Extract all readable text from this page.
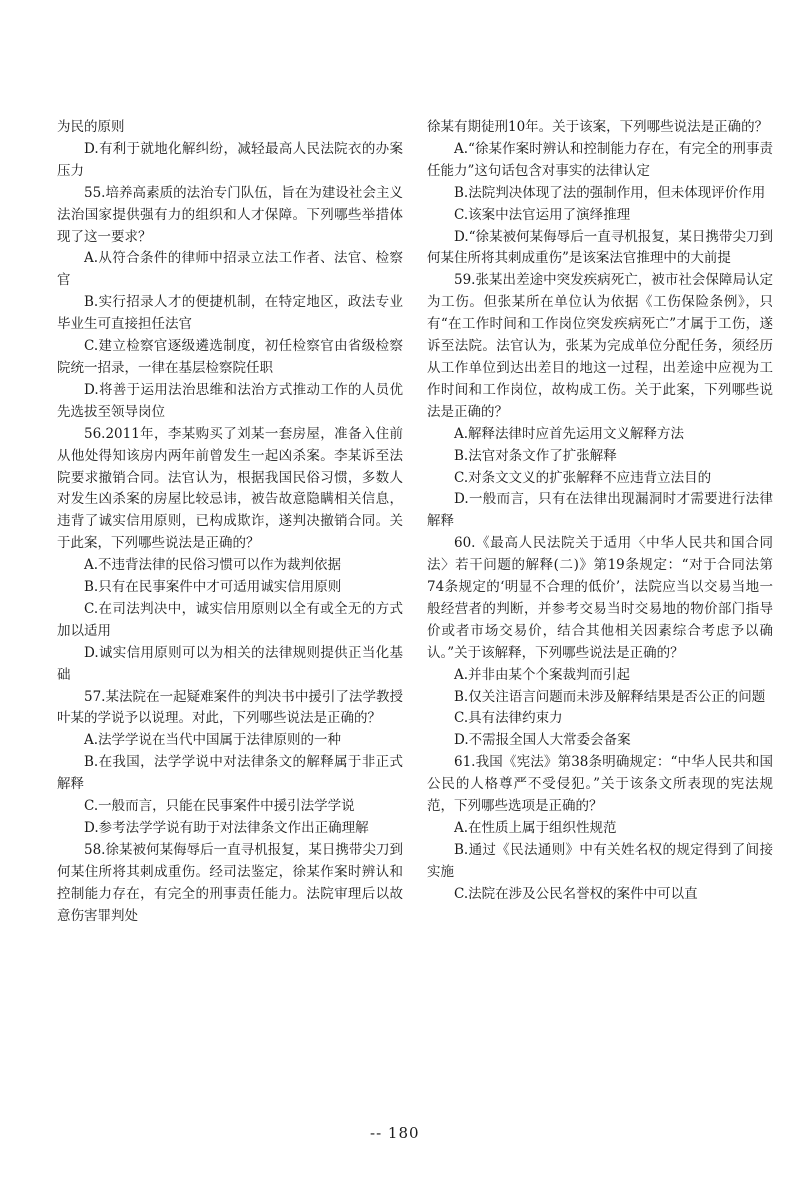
为民的原则

D.有利于就地化解纠纷，减轻最高人民法院衣的办案压力

55.培养高素质的法治专门队伍，旨在为建设社会主义法治国家提供强有力的组织和人才保障。下列哪些举措体现了这一要求？

A.从符合条件的律师中招录立法工作者、法官、检察官

B.实行招录人才的便捷机制，在特定地区，政法专业毕业生可直接担任法官

C.建立检察官逐级遴选制度，初任检察官由省级检察院统一招录，一律在基层检察院任职

D.将善于运用法治思维和法治方式推动工作的人员优先选拔至领导岗位

56.2011年，李某购买了刘某一套房屋，准备入住前从他处得知该房内两年前曾发生一起凶杀案。李某诉至法院要求撤销合同。法官认为，根据我国民俗习惯，多数人对发生凶杀案的房屋比较忌讳，被告故意隐瞒相关信息，违背了诚实信用原则，已构成欺诈，遂判决撤销合同。关于此案，下列哪些说法是正确的？

A.不违背法律的民俗习惯可以作为裁判依据

B.只有在民事案件中才可适用诚实信用原则

C.在司法判决中，诚实信用原则以全有或全无的方式加以适用

D.诚实信用原则可以为相关的法律规则提供正当化基础

57.某法院在一起疑难案件的判决书中援引了法学教授叶某的学说予以说理。对此，下列哪些说法是正确的？

A.法学学说在当代中国属于法律原则的一种

B.在我国，法学学说中对法律条文的解释属于非正式解释

C.一般而言，只能在民事案件中援引法学学说

D.参考法学学说有助于对法律条文作出正确理解

58.徐某被何某侮辱后一直寻机报复，某日携带尖刀到何某住所将其刺成重伤。经司法鉴定，徐某作案时辨认和控制能力存在，有完全的刑事责任能力。法院审理后以故意伤害罪判处

徐某有期徒刑10年。关于该案，下列哪些说法是正确的？

A.“徐某作案时辨认和控制能力存在，有完全的刑事责任能力”这句话包含对事实的法律认定

B.法院判决体现了法的强制作用，但未体现评价作用

C.该案中法官运用了演绎推理

D.“徐某被何某侮辱后一直寻机报复，某日携带尖刀到何某住所将其刺成重伤”是该案法官推理中的大前提

59.张某出差途中突发疾病死亡，被市社会保障局认定为工伤。但张某所在单位认为依据《工伤保险条例》，只有“在工作时间和工作岗位突发疾病死亡”才属于工伤，遂诉至法院。法官认为，张某为完成单位分配任务，须经历从工作单位到达出差目的地这一过程，出差途中应视为工作时间和工作岗位，故构成工伤。关于此案，下列哪些说法是正确的？

A.解释法律时应首先运用文义解释方法

B.法官对条文作了扩张解释

C.对条文文义的扩张解释不应违背立法目的

D.一般而言，只有在法律出现漏洞时才需要进行法律解释

60.《最高人民法院关于适用〈中华人民共和国合同法〉若干问题的解释(二)》第19条规定：“对于合同法第74条规定的‘明显不合理的低价’，法院应当以交易当地一般经营者的判断，并参考交易当时交易地的物价部门指导价或者市场交易价，结合其他相关因素综合考虑予以确认。”关于该解释，下列哪些说法是正确的？

A.并非由某个个案裁判而引起

B.仅关注语言问题而未涉及解释结果是否公正的问题

C.具有法律约束力

D.不需报全国人大常委会备案

61.我国《宪法》第38条明确规定：“中华人民共和国公民的人格尊严不受侵犯。”关于该条文所表现的宪法规范，下列哪些选项是正确的？

A.在性质上属于组织性规范

B.通过《民法通则》中有关姓名权的规定得到了间接实施

C.法院在涉及公民名誉权的案件中可以直

-- 180
